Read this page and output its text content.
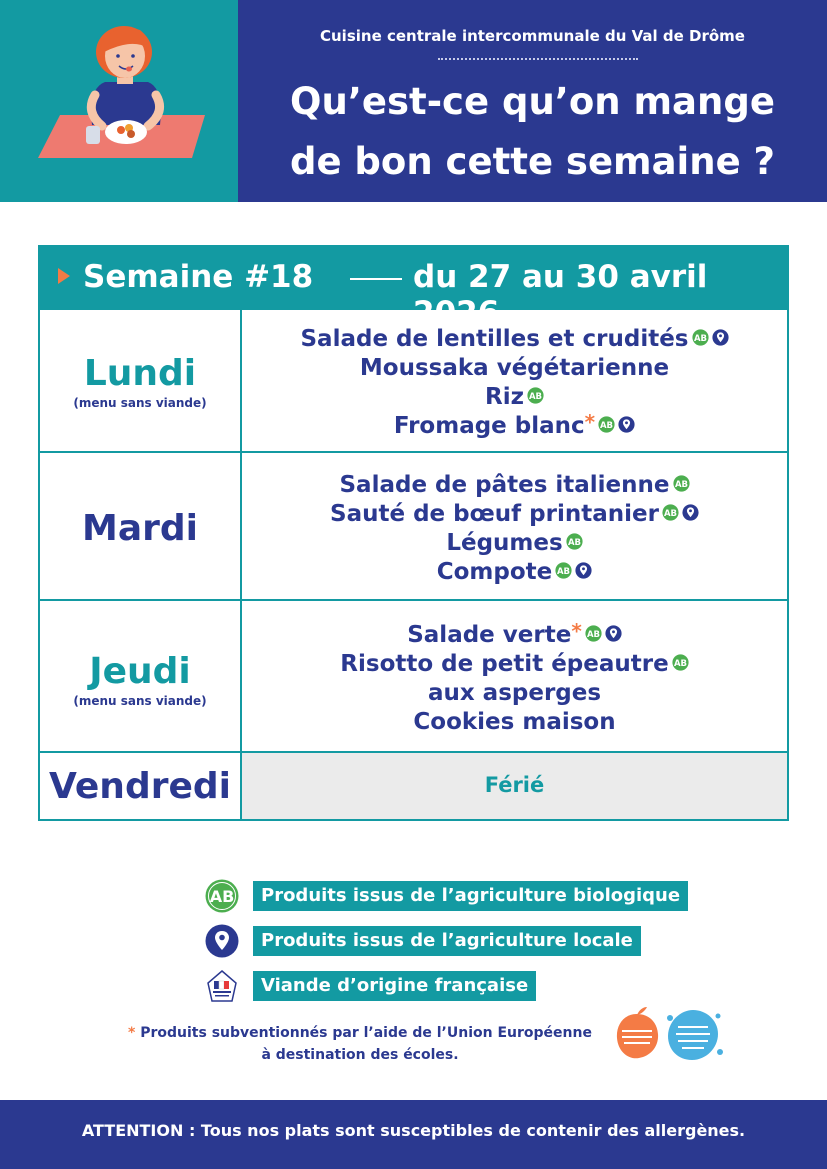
Cuisine centrale intercommunale du Val de Drôme
Qu’est-ce qu’on mange
de bon cette semaine ?
Semaine #18	du 27 au 30 avril 2026
Lundi
(menu sans viande)
Salade de lentilles et crudités AB
Moussaka végétarienne
Riz AB
Fromage blanc* AB
Mardi
Salade de pâtes italienne AB
Sauté de bœuf printanier AB
Légumes AB
Compote AB
Jeudi
(menu sans viande)
Salade verte* AB
Risotto de petit épeautre AB
aux asperges
Cookies maison
Vendredi	Férié
AB	Produits issus de l’agriculture biologique
Produits issus de l’agriculture locale
Viande d’origine française
* Produits subventionnés par l’aide de l’Union Européenne
à destination des écoles.
ATTENTION : Tous nos plats sont susceptibles de contenir des allergènes.
